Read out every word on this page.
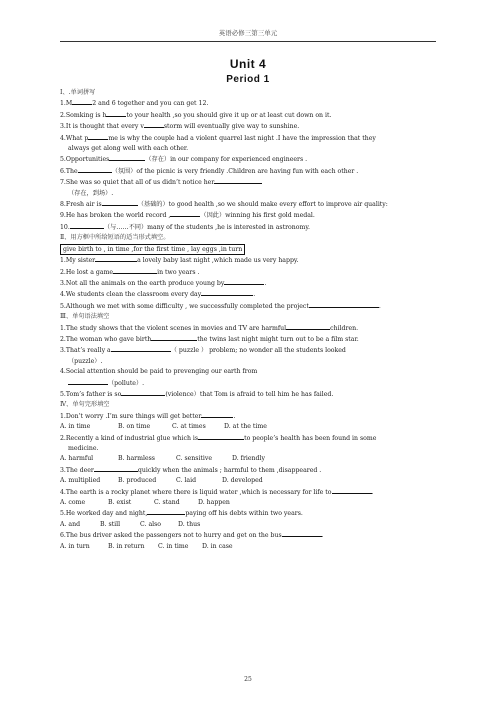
英语必修三第三单元
Unit 4
Period 1
Ⅰ、.单词拼写
1.M	2 and 6 together and you can get 12.
2.Somking is h	to your health ,so you should give it up or at least cut down on it.
3.It is thought that every v	storm will eventually give way to sunshine.
4.What p	me is why the couple had a violent quarrel last night .I have the impression that they
always get along well with each other.
5.Opportunities	（存在）in our company for experienced engineers .
6.The	（氛围）of the picnic is very friendly .Children are having fun with each other .
7.She was so quiet that all of us didn’t notice her
（存在，到场）.
8.Fresh air is	（基础的）to good health ,so we should make every effort to improve air quality:
9.He has broken the world record ,	（因此）winning his first gold medal.
10.	（与……不同）many of the students ,he is interested in astronomy.
Ⅱ、用方框中所给短语的适当形式填空。
give birth to , in time ,for the first time , lay eggs ,in turn
1.My sister	a lovely baby last night ,which made us very happy.
2.He lost a game	in two years .
3.Not all the animals on the earth produce young by	.
4.We students clean the classroom every day	.
5.Although we met with some difficulty , we successfully completed the project	.
Ⅲ、单句语法填空
1.The study shows that the violent scenes in movies and TV are harmful	children.
2.The woman who gave birth	the twins last night might turn out to be a film star.
3.That’s really a	（ puzzle ） problem; no wonder all the students looked
（puzzle）.
4.Social attention should be paid to prevenging our earth from
（pollute）.
5.Tom’s father is so	(violence）that Tom is afraid to tell him he has failed.
Ⅳ、单句完形填空
1.Don’t worry .I’m sure things will get better	.
A. in time	B. on time	C. at times	D. at the time
2.Recently a kind of industrial glue which is	to people’s health has been found in some
medicine.
A. harmful	B. harmless	C. sensitive	D. friendly
3.The deer	quickly when the animals ; harmful to them ,disappeared .
A. multiplied	B. produced	C. laid	D. developed
4.The earth is a rocky planet where there is liquid water ,which is necessary for life to	.
A. come	B. exist	C. stand	D. happen
5.He worked day and night,	paying off his debts within two years.
A. and	B. still	C. also	D. thus
6.The bus driver asked the passengers not to hurry and get on the bus	.
A. in turn	B. in return C. in time D. in case
25
